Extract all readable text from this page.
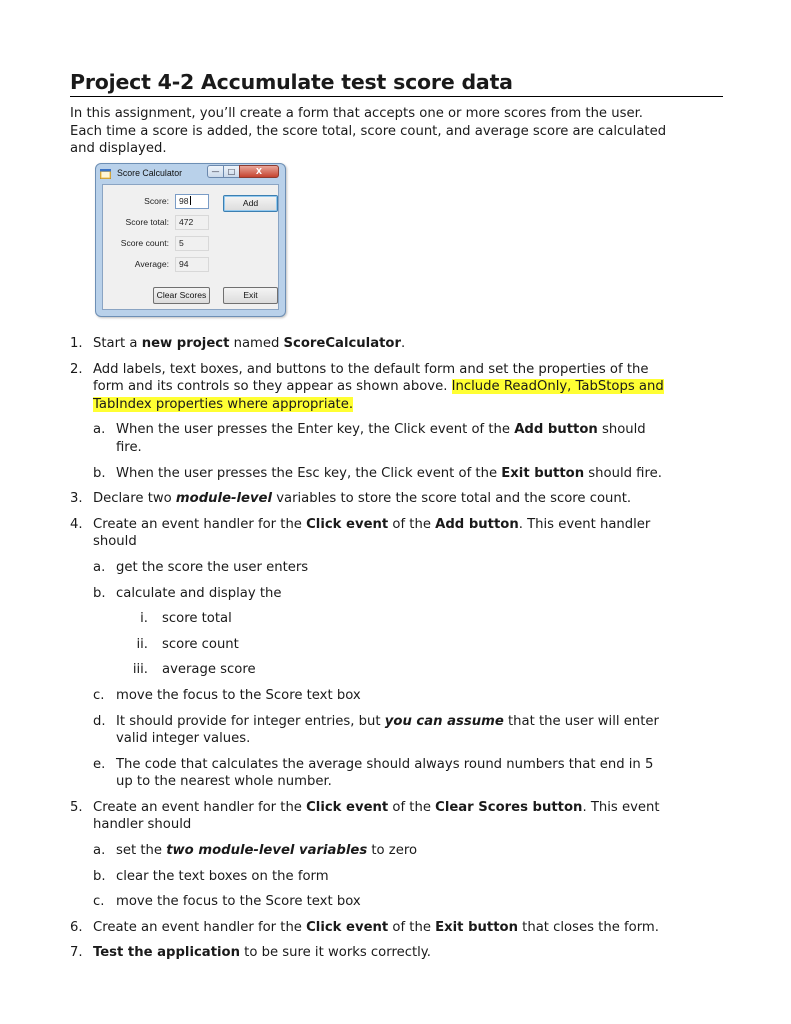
Project 4-2 Accumulate test score data

In this assignment, you’ll create a form that accepts one or more scores from the user. Each time a score is added, the score total, score count, and average score are calculated and displayed.

Score Calculator	—	□	X
Score:	98
Score total:	472
Score count:	5
Average:	94
Add
Clear Scores	Exit
1. Start a new project named ScoreCalculator.
2. Add labels, text boxes, and buttons to the default form and set the properties of the form and its controls so they appear as shown above. Include ReadOnly, TabStops and TabIndex properties where appropriate.
a. When the user presses the Enter key, the Click event of the Add button should fire.
b. When the user presses the Esc key, the Click event of the Exit button should fire.
3. Declare two module-level variables to store the score total and the score count.
4. Create an event handler for the Click event of the Add button. This event handler should
a. get the score the user enters
b. calculate and display the
i. score total
ii. score count
iii. average score
c. move the focus to the Score text box
d. It should provide for integer entries, but you can assume that the user will enter valid integer values.
e. The code that calculates the average should always round numbers that end in 5 up to the nearest whole number.
5. Create an event handler for the Click event of the Clear Scores button. This event handler should
a. set the two module-level variables to zero
b. clear the text boxes on the form
c. move the focus to the Score text box
6. Create an event handler for the Click event of the Exit button that closes the form.
7. Test the application to be sure it works correctly.
